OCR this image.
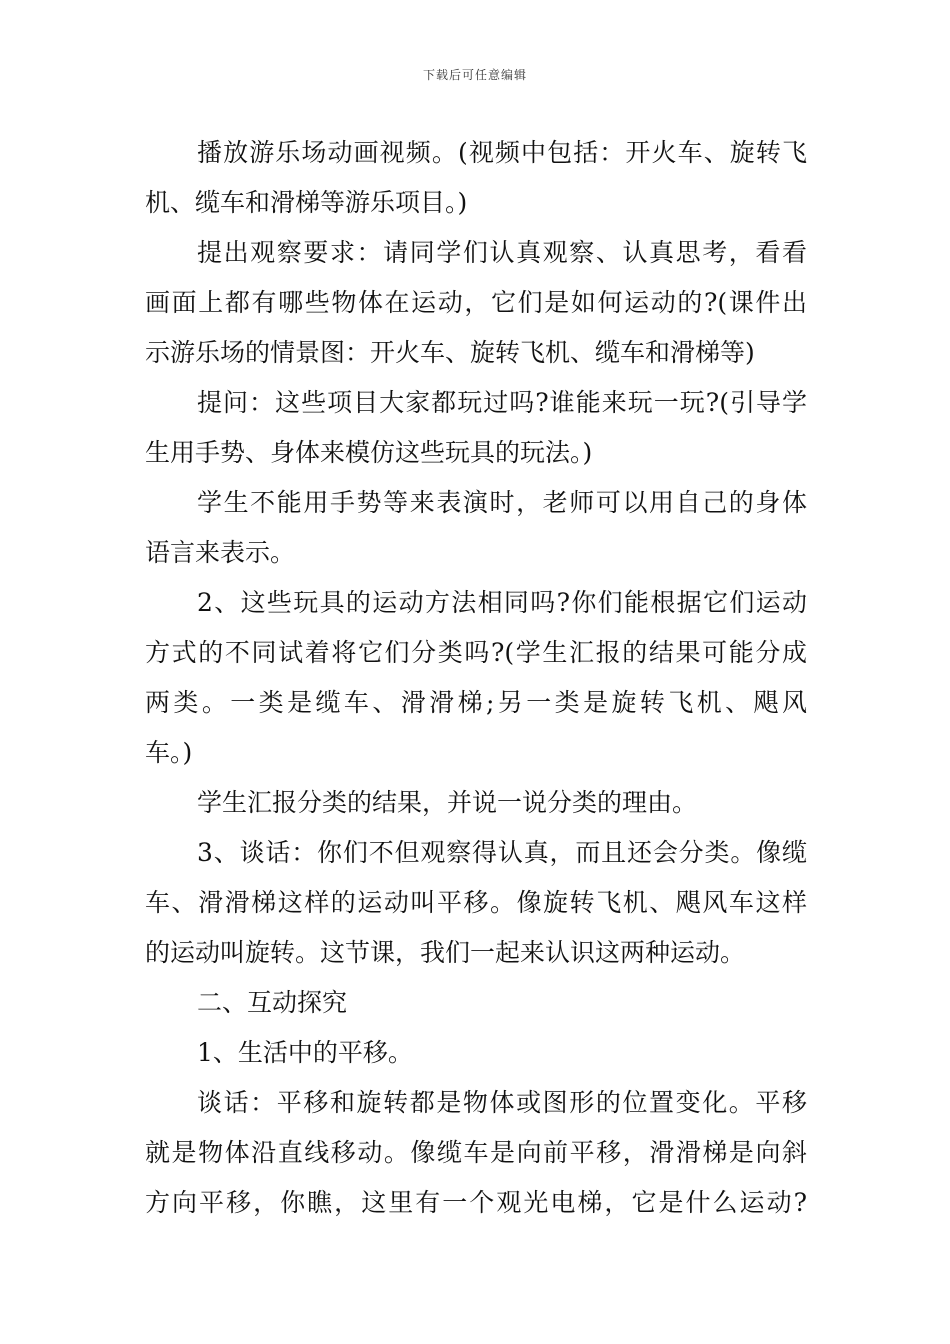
下载后可任意编辑
播放游乐场动画视频。(视频中包括：开火车、旋转飞
机、缆车和滑梯等游乐项目。)
提出观察要求：请同学们认真观察、认真思考，看看
画面上都有哪些物体在运动，它们是如何运动的?(课件出
示游乐场的情景图：开火车、旋转飞机、缆车和滑梯等)
提问：这些项目大家都玩过吗?谁能来玩一玩?(引导学
生用手势、身体来模仿这些玩具的玩法。)
学生不能用手势等来表演时，老师可以用自己的身体
语言来表示。
2、这些玩具的运动方法相同吗?你们能根据它们运动
方式的不同试着将它们分类吗?(学生汇报的结果可能分成
两类。一类是缆车、滑滑梯;另一类是旋转飞机、飓风
车。)
学生汇报分类的结果，并说一说分类的理由。
3、谈话：你们不但观察得认真，而且还会分类。像缆
车、滑滑梯这样的运动叫平移。像旋转飞机、飓风车这样
的运动叫旋转。这节课，我们一起来认识这两种运动。
二、互动探究
1、生活中的平移。
谈话：平移和旋转都是物体或图形的位置变化。平移
就是物体沿直线移动。像缆车是向前平移，滑滑梯是向斜
方向平移，你瞧，这里有一个观光电梯，它是什么运动?
